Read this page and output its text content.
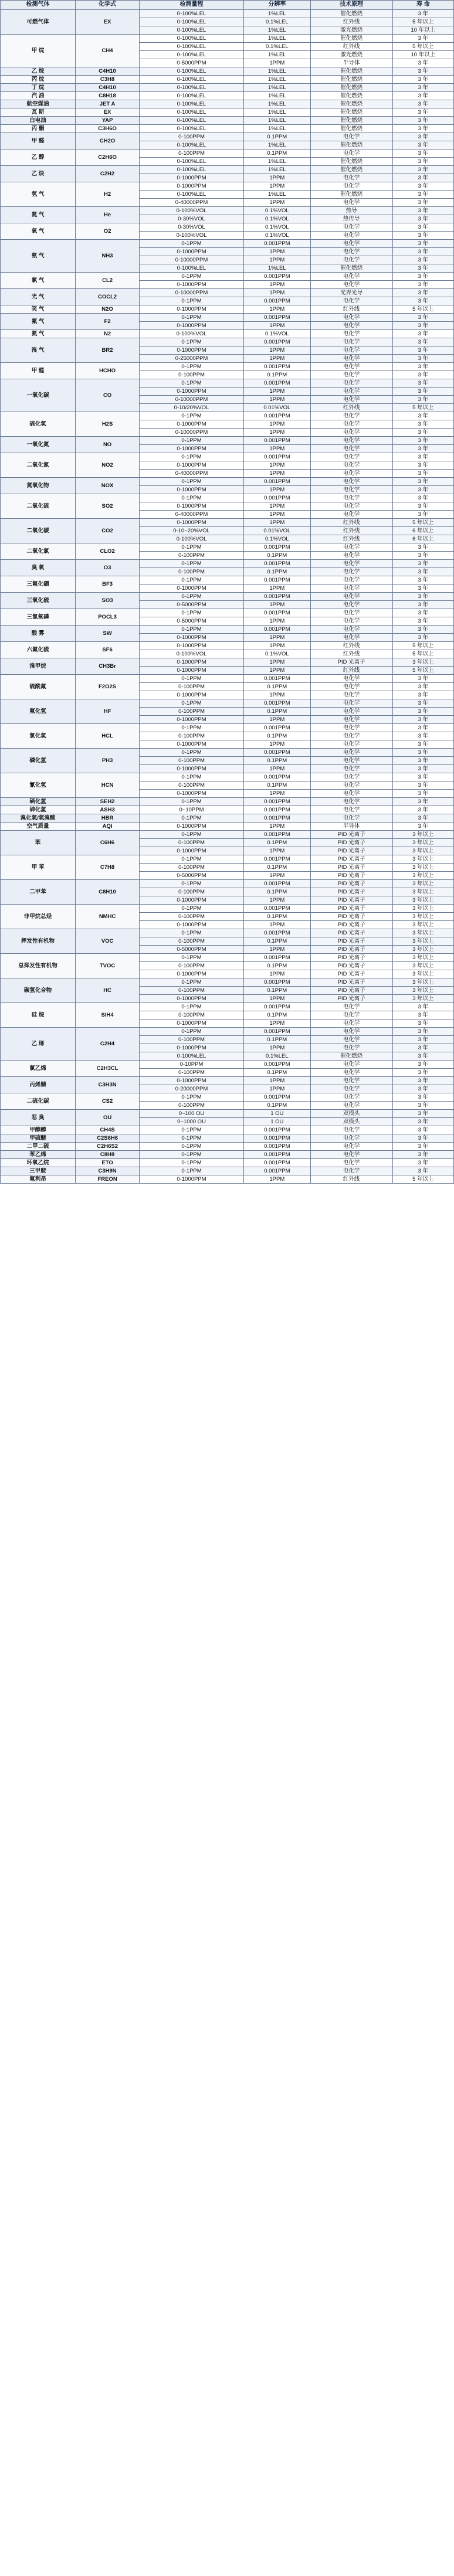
检测气体	化学式	检测量程	分辨率	技术原理	寿 命
可燃气体	EX	0-100%LEL	1%LEL	催化燃烧	3 年
		0-100%LEL	0.1%LEL	红外线	5 年以上
		0-100%LEL	1%LEL	激光燃烧	10 年以上
甲 烷	CH4	0-100%LEL	1%LEL	催化燃烧	3 年
		0-100%LEL	0.1%LEL	红外线	5 年以上
		0-100%LEL	1%LEL	激光燃烧	10 年以上
		0-5000PPM	1PPM	半导体	3 年
乙 烷	C4H10	0-100%LEL	1%LEL	催化燃烧	3 年
丙 烷	C3H8	0-100%LEL	1%LEL	催化燃烧	3 年
丁 烷	C4H10	0-100%LEL	1%LEL	催化燃烧	3 年
汽 油	C8H18	0-100%LEL	1%LEL	催化燃烧	3 年
航空煤油	JET A	0-100%LEL	1%LEL	催化燃烧	3 年
瓦 斯	EX	0-100%LEL	1%LEL	催化燃烧	3 年
白电油	YAP	0-100%LEL	1%LEL	催化燃烧	3 年
丙 酮	C3H6O	0-100%LEL	1%LEL	催化燃烧	3 年
甲 醛	CH2O	0-100PPM	0.1PPM	电化学	3 年
		0-100%LEL	1%LEL	催化燃烧	3 年
乙 醇	C2H6O	0-100PPM	0.1PPM	电化学	3 年
		0-100%LEL	1%LEL	催化燃烧	3 年
乙 炔	C2H2	0-100%LEL	1%LEL	催化燃烧	3 年
		0-1000PPM	1PPM	电化学	3 年
氢 气	H2	0-1000PPM	1PPM	电化学	3 年
		0-100%LEL	1%LEL	催化燃烧	3 年
		0-40000PPM	1PPM	电化学	3 年
氦 气	He	0-100%VOL	0.1%VOL	热导	3 年
		0-30%VOL	0.1%VOL	热传导	3 年
氧 气	O2	0-30%VOL	0.1%VOL	电化学	3 年
		0-100%VOL	0.1%VOL	电化学	3 年
氨 气	NH3	0-1PPM	0.001PPM	电化学	3 年
		0-1000PPM	1PPM	电化学	3 年
		0-10000PPM	1PPM	电化学	3 年
		0-100%LEL	1%LEL	催化燃烧	3 年
氯 气	CL2	0-1PPM	0.001PPM	电化学	3 年
		0-1000PPM	1PPM	电化学	3 年
光 气	COCL2	0-10000PPM	1PPM	光界光导	3 年
		0-1PPM	0.001PPM	电化学	3 年
笑 气	N2O	0-1000PPM	1PPM	红外线	5 年以上
氟 气	F2	0-1PPM	0.001PPM	电化学	3 年
		0-1000PPM	1PPM	电化学	3 年
氮 气	N2	0-100%VOL	0.1%VOL	电化学	3 年
溴 气	BR2	0-1PPM	0.001PPM	电化学	3 年
		0-1000PPM	1PPM	电化学	3 年
		0-25000PPM	1PPM	电化学	3 年
甲 醛	HCHO	0-1PPM	0.001PPM	电化学	3 年
		0-100PPM	0.1PPM	电化学	3 年
一氧化碳	CO	0-1PPM	0.001PPM	电化学	3 年
		0-1000PPM	1PPM	电化学	3 年
		0-10000PPM	1PPM	电化学	3 年
		0-10/20%VOL	0.01%VOL	红外线	5 年以上
硫化氢	H2S	0-1PPM	0.001PPM	电化学	3 年
		0-1000PPM	1PPM	电化学	3 年
		0-10000PPM	1PPM	电化学	3 年
一氧化氮	NO	0-1PPM	0.001PPM	电化学	3 年
		0-1000PPM	1PPM	电化学	3 年
二氧化氮	NO2	0-1PPM	0.001PPM	电化学	3 年
		0-1000PPM	1PPM	电化学	3 年
		0-40000PPM	1PPM	电化学	3 年
氮氧化物	NOX	0-1PPM	0.001PPM	电化学	3 年
		0-1000PPM	1PPM	电化学	3 年
二氧化硫	SO2	0-1PPM	0.001PPM	电化学	3 年
		0-1000PPM	1PPM	电化学	3 年
		0-40000PPM	1PPM	电化学	3 年
二氧化碳	CO2	0-1000PPM	1PPM	红外线	5 年以上
		0-10~20%VOL	0.01%VOL	红外线	6 年以上
		0-100%VOL	0.1%VOL	红外线	6 年以上
二氧化氯	CLO2	0-1PPM	0.001PPM	电化学	3 年
		0-100PPM	0.1PPM	电化学	3 年
臭 氧	O3	0-1PPM	0.001PPM	电化学	3 年
		0-100PPM	0.1PPM	电化学	3 年
三氟化硼	BF3	0-1PPM	0.001PPM	电化学	3 年
		0-1000PPM	1PPM	电化学	3 年
三氧化硫	SO3	0-1PPM	0.001PPM	电化学	3 年
		0-5000PPM	1PPM	电化学	3 年
三氯氧磷	POCL3	0-1PPM	0.001PPM	电化学	3 年
		0-5000PPM	1PPM	电化学	3 年
酸 雾	SW	0-1PPM	0.001PPM	电化学	3 年
		0-1000PPM	1PPM	电化学	3 年
六氟化硫	SF6	0-1000PPM	1PPM	红外线	5 年以上
		0-100%VOL	0.1%VOL	红外线	5 年以上
溴甲烷	CH3Br	0-1000PPM	1PPM	PID 光离子	3 年以上
		0-1000PPM	1PPM	红外线	5 年以上
硫酰氟	F2O2S	0-1PPM	0.001PPM	电化学	3 年
		0-100PPM	0.1PPM	电化学	3 年
		0-1000PPM	1PPM	电化学	3 年
氟化氢	HF	0-1PPM	0.001PPM	电化学	3 年
		0-100PPM	0.1PPM	电化学	3 年
		0-1000PPM	1PPM	电化学	3 年
氯化氢	HCL	0-1PPM	0.001PPM	电化学	3 年
		0-100PPM	0.1PPM	电化学	3 年
		0-1000PPM	1PPM	电化学	3 年
磷化氢	PH3	0-1PPM	0.001PPM	电化学	3 年
		0-100PPM	0.1PPM	电化学	3 年
		0-1000PPM	1PPM	电化学	3 年
氰化氢	HCN	0-1PPM	0.001PPM	电化学	3 年
		0-100PPM	0.1PPM	电化学	3 年
		0-1000PPM	1PPM	电化学	3 年
硒化氢	SEH2	0-1PPM	0.001PPM	电化学	3 年
砷化氢	ASH3	0~10PPM	0.001PPM	电化学	3 年
溴化氢/氢溴酸	HBR	0-1PPM	0.001PPM	电化学	3 年
空气质量	AQI	0-1000PPM	1PPM	半导体	3 年
苯	C6H6	0-1PPM	0.001PPM	PID 光离子	3 年以上
		0-100PPM	0.1PPM	PID 光离子	3 年以上
		0-1000PPM	1PPM	PID 光离子	3 年以上
甲 苯	C7H8	0-1PPM	0.001PPM	PID 光离子	3 年以上
		0-100PPM	0.1PPM	PID 光离子	3 年以上
		0-5000PPM	1PPM	PID 光离子	3 年以上
二甲苯	C8H10	0-1PPM	0.001PPM	PID 光离子	3 年以上
		0-100PPM	0.1PPM	PID 光离子	3 年以上
		0-1000PPM	1PPM	PID 光离子	3 年以上
非甲烷总烃	NMHC	0-1PPM	0.001PPM	PID 光离子	3 年以上
		0-100PPM	0.1PPM	PID 光离子	3 年以上
		0-1000PPM	1PPM	PID 光离子	3 年以上
挥发性有机物	VOC	0-1PPM	0.001PPM	PID 光离子	3 年以上
		0-100PPM	0.1PPM	PID 光离子	3 年以上
		0-5000PPM	1PPM	PID 光离子	3 年以上
总挥发性有机物	TVOC	0-1PPM	0.001PPM	PID 光离子	3 年以上
		0-100PPM	0.1PPM	PID 光离子	3 年以上
		0-1000PPM	1PPM	PID 光离子	3 年以上
碳氢化合物	HC	0-1PPM	0.001PPM	PID 光离子	3 年以上
		0-100PPM	0.1PPM	PID 光离子	3 年以上
		0-1000PPM	1PPM	PID 光离子	3 年以上
硅 烷	SIH4	0-1PPM	0.001PPM	电化学	3 年
		0-100PPM	0.1PPM	电化学	3 年
		0-1000PPM	1PPM	电化学	3 年
乙 烯	C2H4	0-1PPM	0.001PPM	电化学	3 年
		0-100PPM	0.1PPM	电化学	3 年
		0-1000PPM	1PPM	电化学	3 年
		0-100%LEL	0.1%LEL	催化燃烧	3 年
氯乙烯	C2H3CL	0-10PPM	0.001PPM	电化学	3 年
		0-100PPM	0.1PPM	电化学	3 年
丙烯腈	C3H3N	0-1000PPM	1PPM	电化学	3 年
		0-20000PPM	1PPM	电化学	3 年
二硫化碳	CS2	0-1PPM	0.001PPM	电化学	3 年
		0-100PPM	0.1PPM	电化学	3 年
恶 臭	OU	0~100 OU	1 OU	双模头	3 年
		0~1000 OU	1 OU	双模头	3 年
甲醇醇	CH4S	0-1PPM	0.001PPM	电化学	3 年
甲硫醚	C2S6H6	0-1PPM	0.001PPM	电化学	3 年
二甲二硫	C2H6S2	0-1PPM	0.001PPM	电化学	3 年
苯乙烯	C8H8	0-1PPM	0.001PPM	电化学	3 年
环氧乙烷	ETO	0-1PPM	0.001PPM	电化学	3 年
三甲胺	C3H9N	0-1PPM	0.001PPM	电化学	3 年
氟利昂	FREON	0-1000PPM	1PPM	红外线	5 年以上
